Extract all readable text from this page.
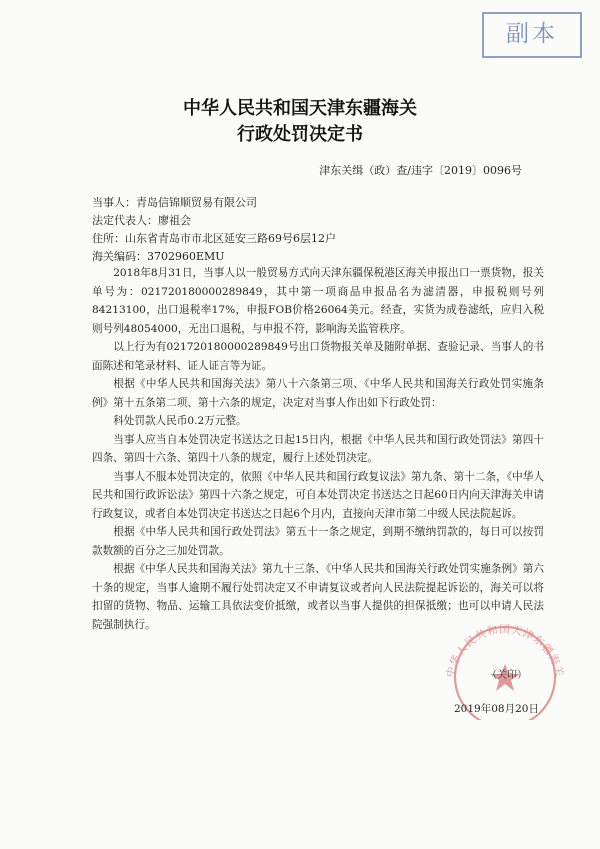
副本
中华人民共和国天津东疆海关
行政处罚决定书
津东关缉（政）查/违字〔2019〕0096号
当事人：青岛信锦顺贸易有限公司
法定代表人：廖祖会
住所：山东省青岛市市北区延安三路69号6层12户
海关编码：3702960EMU

2018年8月31日，当事人以一般贸易方式向天津东疆保税港区海关申报出口一票货物，报关单号为：021720180000289849，其中第一项商品申报品名为滤清器，申报税则号列84213100，出口退税率17%，申报FOB价格26064美元。经查，实货为成卷滤纸，应归入税则号列48054000，无出口退税，与申报不符，影响海关监管秩序。

以上行为有021720180000289849号出口货物报关单及随附单据、查验记录、当事人的书面陈述和笔录材料、证人证言等为证。

根据《中华人民共和国海关法》第八十六条第三项、《中华人民共和国海关行政处罚实施条例》第十五条第二项、第十六条的规定，决定对当事人作出如下行政处罚：

科处罚款人民币0.2万元整。

当事人应当自本处罚决定书送达之日起15日内，根据《中华人民共和国行政处罚法》第四十四条、第四十六条、第四十八条的规定，履行上述处罚决定。

当事人不服本处罚决定的，依照《中华人民共和国行政复议法》第九条、第十二条，《中华人民共和国行政诉讼法》第四十六条之规定，可自本处罚决定书送达之日起60日内向天津海关申请行政复议，或者自本处罚决定书送达之日起6个月内，直接向天津市第二中级人民法院起诉。

根据《中华人民共和国行政处罚法》第五十一条之规定，到期不缴纳罚款的，每日可以按罚款数额的百分之三加处罚款。

根据《中华人民共和国海关法》第九十三条、《中华人民共和国海关行政处罚实施条例》第六十条的规定，当事人逾期不履行处罚决定又不申请复议或者向人民法院提起诉讼的，海关可以将扣留的货物、物品、运输工具依法变价抵缴，或者以当事人提供的担保抵缴；也可以申请人民法院强制执行。

中华人民共和国天津东疆海关
（关印）
2019年08月20日
